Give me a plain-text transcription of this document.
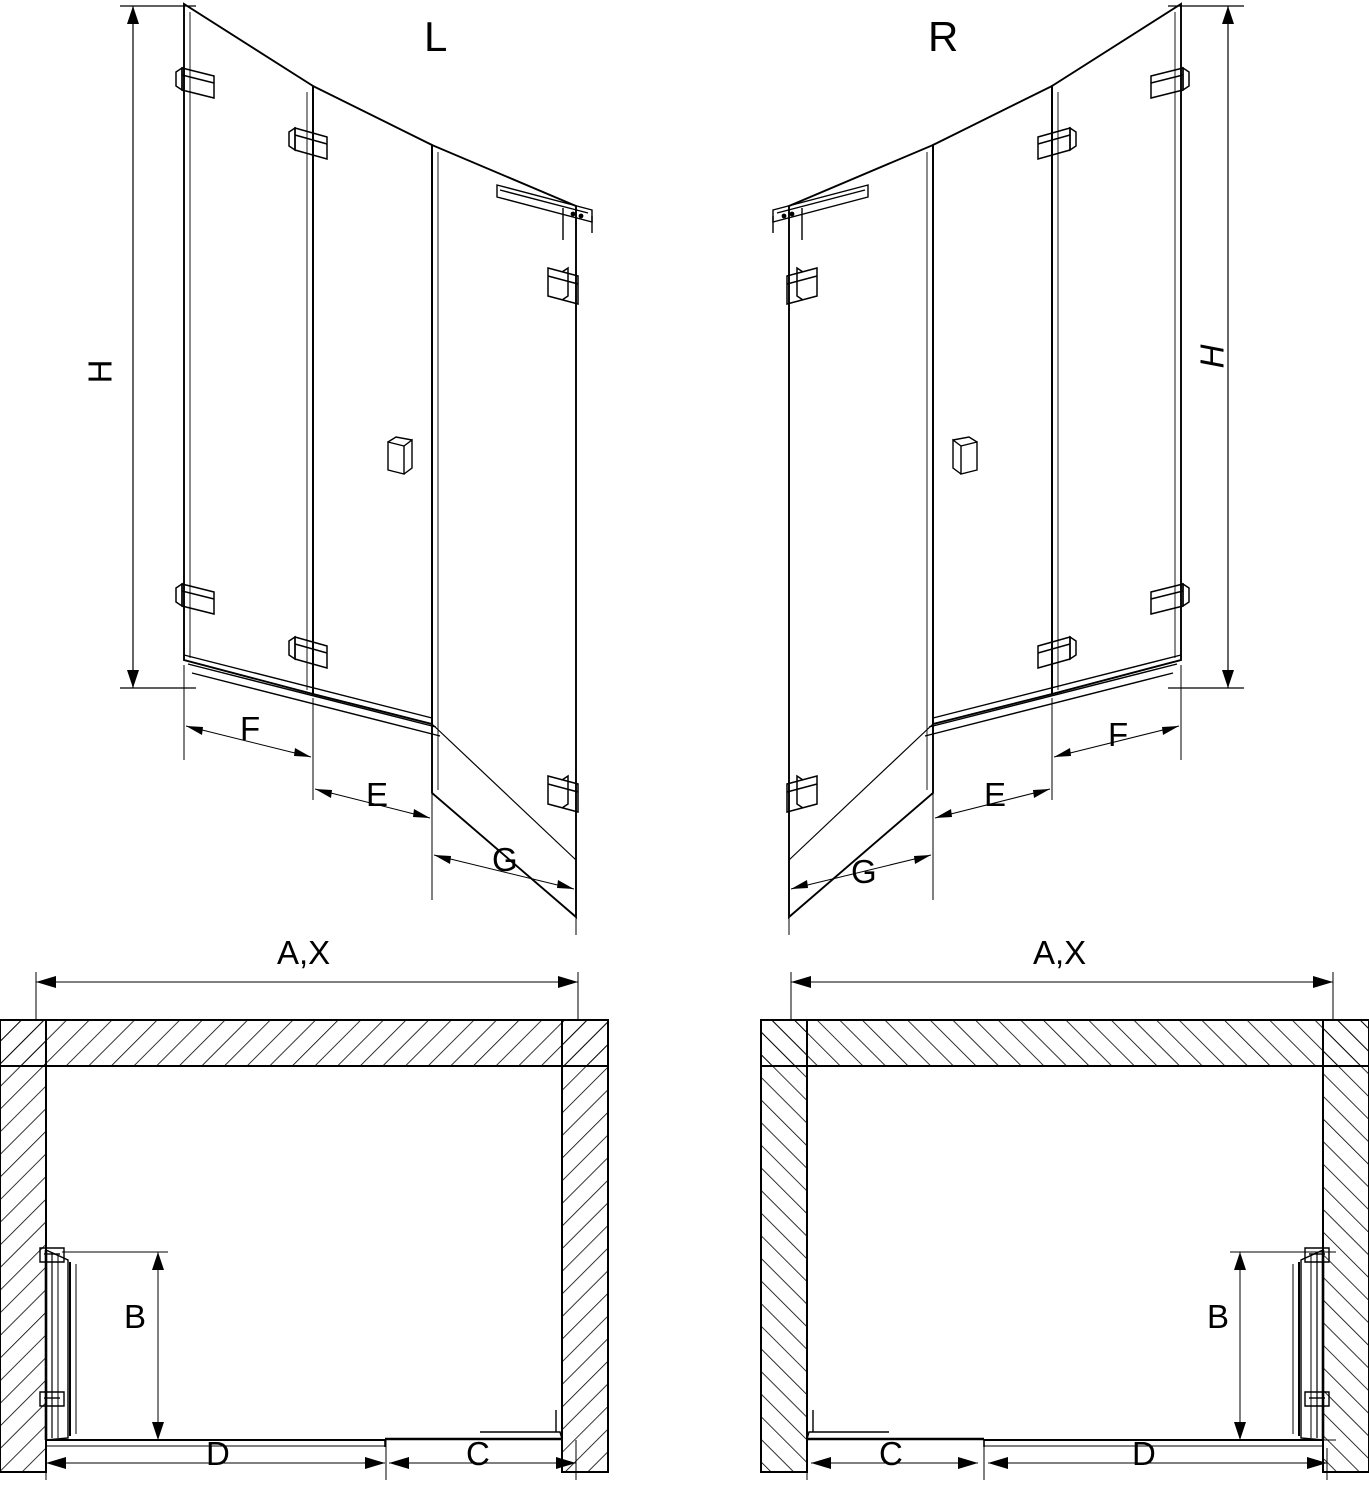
L	R
H
H
F
E
G	G
E
F
A,X	A,X
B	B
D	C	C	D
